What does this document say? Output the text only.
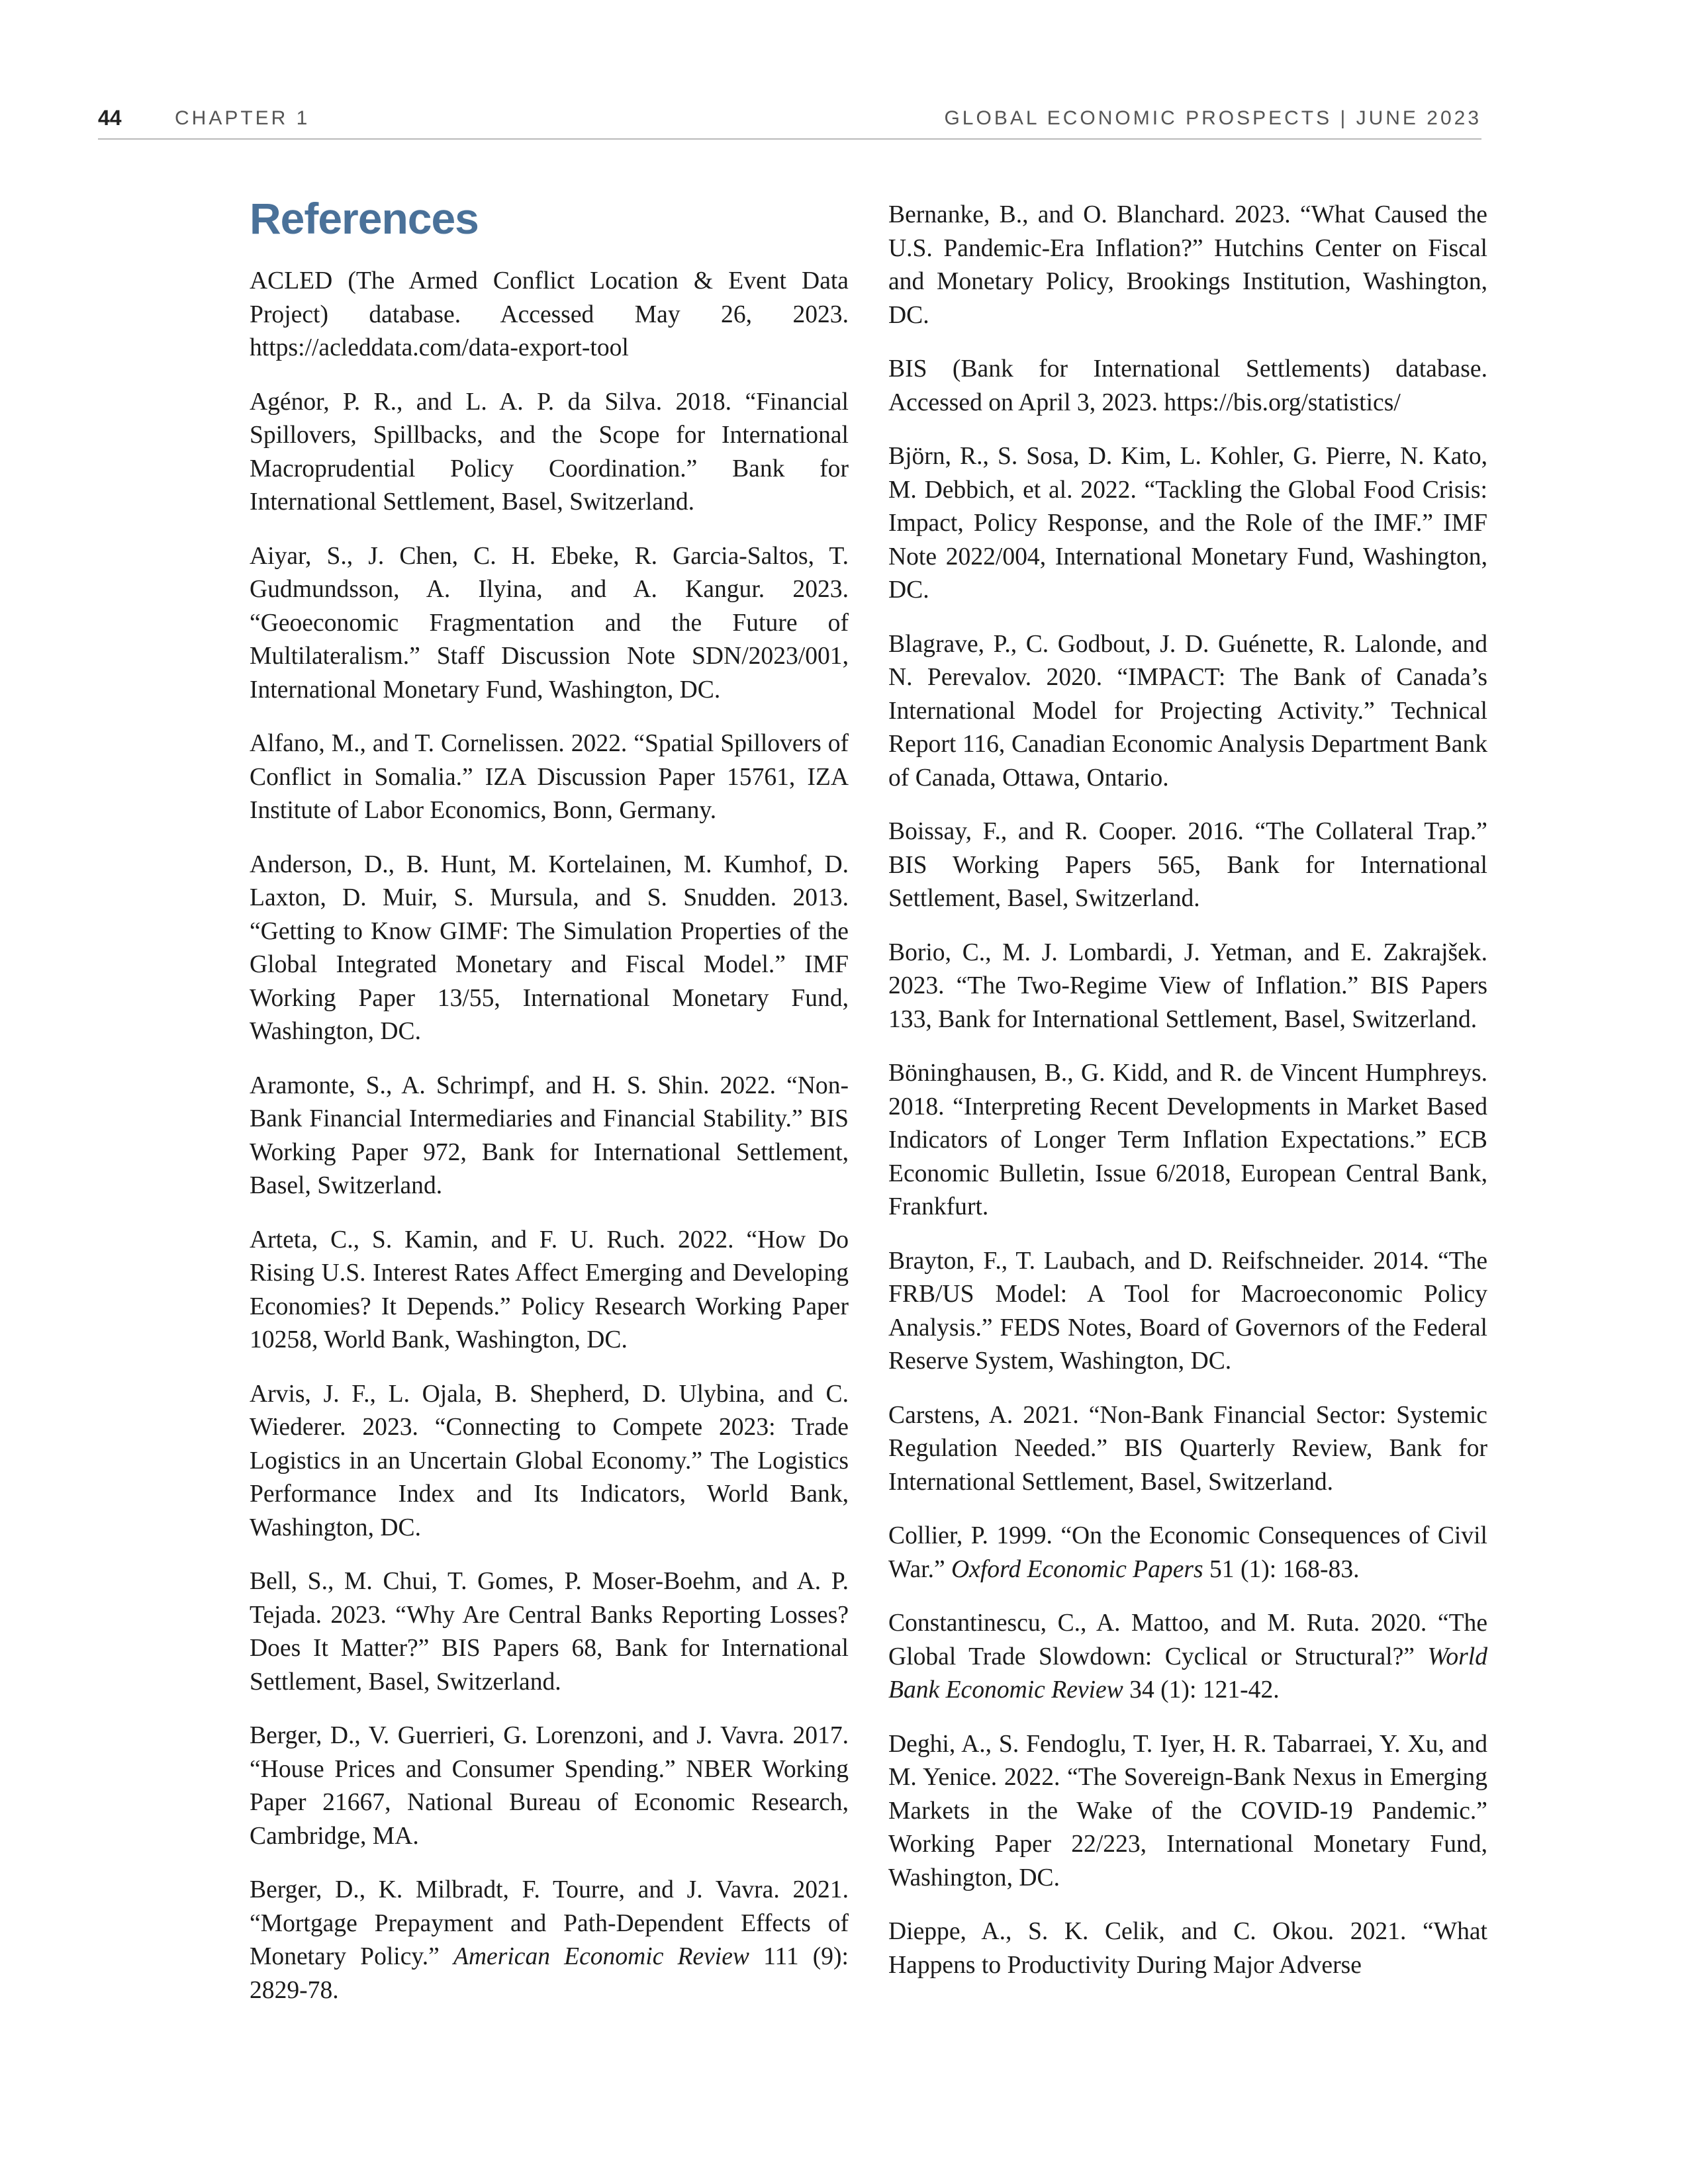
44	CHAPTER 1	GLOBAL ECONOMIC PROSPECTS | JUNE 2023
References

ACLED (The Armed Conflict Location & Event Data Project) database. Accessed May 26, 2023. https://acleddata.com/data-export-tool

Agénor, P. R., and L. A. P. da Silva. 2018. “Financial Spillovers, Spillbacks, and the Scope for International Macroprudential Policy Coordination.” Bank for International Settlement, Basel, Switzerland.

Aiyar, S., J. Chen, C. H. Ebeke, R. Garcia-Saltos, T. Gudmundsson, A. Ilyina, and A. Kangur. 2023. “Geoeconomic Fragmentation and the Future of Multilateralism.” Staff Discussion Note SDN/2023/001, International Monetary Fund, Washington, DC.

Alfano, M., and T. Cornelissen. 2022. “Spatial Spillovers of Conflict in Somalia.” IZA Discussion Paper 15761, IZA Institute of Labor Economics, Bonn, Germany.

Anderson, D., B. Hunt, M. Kortelainen, M. Kumhof, D. Laxton, D. Muir, S. Mursula, and S. Snudden. 2013. “Getting to Know GIMF: The Simulation Properties of the Global Integrated Monetary and Fiscal Model.” IMF Working Paper 13/55, International Monetary Fund, Washington, DC.

Aramonte, S., A. Schrimpf, and H. S. Shin. 2022. “Non-Bank Financial Intermediaries and Financial Stability.” BIS Working Paper 972, Bank for International Settlement, Basel, Switzerland.

Arteta, C., S. Kamin, and F. U. Ruch. 2022. “How Do Rising U.S. Interest Rates Affect Emerging and Developing Economies? It Depends.” Policy Research Working Paper 10258, World Bank, Washington, DC.

Arvis, J. F., L. Ojala, B. Shepherd, D. Ulybina, and C. Wiederer. 2023. “Connecting to Compete 2023: Trade Logistics in an Uncertain Global Economy.” The Logistics Performance Index and Its Indicators, World Bank, Washington, DC.

Bell, S., M. Chui, T. Gomes, P. Moser-Boehm, and A. P. Tejada. 2023. “Why Are Central Banks Reporting Losses? Does It Matter?” BIS Papers 68, Bank for International Settlement, Basel, Switzerland.

Berger, D., V. Guerrieri, G. Lorenzoni, and J. Vavra. 2017. “House Prices and Consumer Spending.” NBER Working Paper 21667, National Bureau of Economic Research, Cambridge, MA.

Berger, D., K. Milbradt, F. Tourre, and J. Vavra. 2021. “Mortgage Prepayment and Path-Dependent Effects of Monetary Policy.” American Economic Review 111 (9): 2829-78.

Bernanke, B., and O. Blanchard. 2023. “What Caused the U.S. Pandemic-Era Inflation?” Hutchins Center on Fiscal and Monetary Policy, Brookings Institution, Washington, DC.

BIS (Bank for International Settlements) database. Accessed on April 3, 2023. https://bis.org/statistics/

Björn, R., S. Sosa, D. Kim, L. Kohler, G. Pierre, N. Kato, M. Debbich, et al. 2022. “Tackling the Global Food Crisis: Impact, Policy Response, and the Role of the IMF.” IMF Note 2022/004, International Monetary Fund, Washington, DC.

Blagrave, P., C. Godbout, J. D. Guénette, R. Lalonde, and N. Perevalov. 2020. “IMPACT: The Bank of Canada’s International Model for Projecting Activity.” Technical Report 116, Canadian Economic Analysis Department Bank of Canada, Ottawa, Ontario.

Boissay, F., and R. Cooper. 2016. “The Collateral Trap.” BIS Working Papers 565, Bank for International Settlement, Basel, Switzerland.

Borio, C., M. J. Lombardi, J. Yetman, and E. Zakrajšek. 2023. “The Two-Regime View of Inflation.” BIS Papers 133, Bank for International Settlement, Basel, Switzerland.

Böninghausen, B., G. Kidd, and R. de Vincent Humphreys. 2018. “Interpreting Recent Developments in Market Based Indicators of Longer Term Inflation Expectations.” ECB Economic Bulletin, Issue 6/2018, European Central Bank, Frankfurt.

Brayton, F., T. Laubach, and D. Reifschneider. 2014. “The FRB/US Model: A Tool for Macroeconomic Policy Analysis.” FEDS Notes, Board of Governors of the Federal Reserve System, Washington, DC.

Carstens, A. 2021. “Non-Bank Financial Sector: Systemic Regulation Needed.” BIS Quarterly Review, Bank for International Settlement, Basel, Switzerland.

Collier, P. 1999. “On the Economic Consequences of Civil War.” Oxford Economic Papers 51 (1): 168-83.

Constantinescu, C., A. Mattoo, and M. Ruta. 2020. “The Global Trade Slowdown: Cyclical or Structural?” World Bank Economic Review 34 (1): 121-42.

Deghi, A., S. Fendoglu, T. Iyer, H. R. Tabarraei, Y. Xu, and M. Yenice. 2022. “The Sovereign-Bank Nexus in Emerging Markets in the Wake of the COVID-19 Pandemic.” Working Paper 22/223, International Monetary Fund, Washington, DC.

Dieppe, A., S. K. Celik, and C. Okou. 2021. “What Happens to Productivity During Major Adverse
